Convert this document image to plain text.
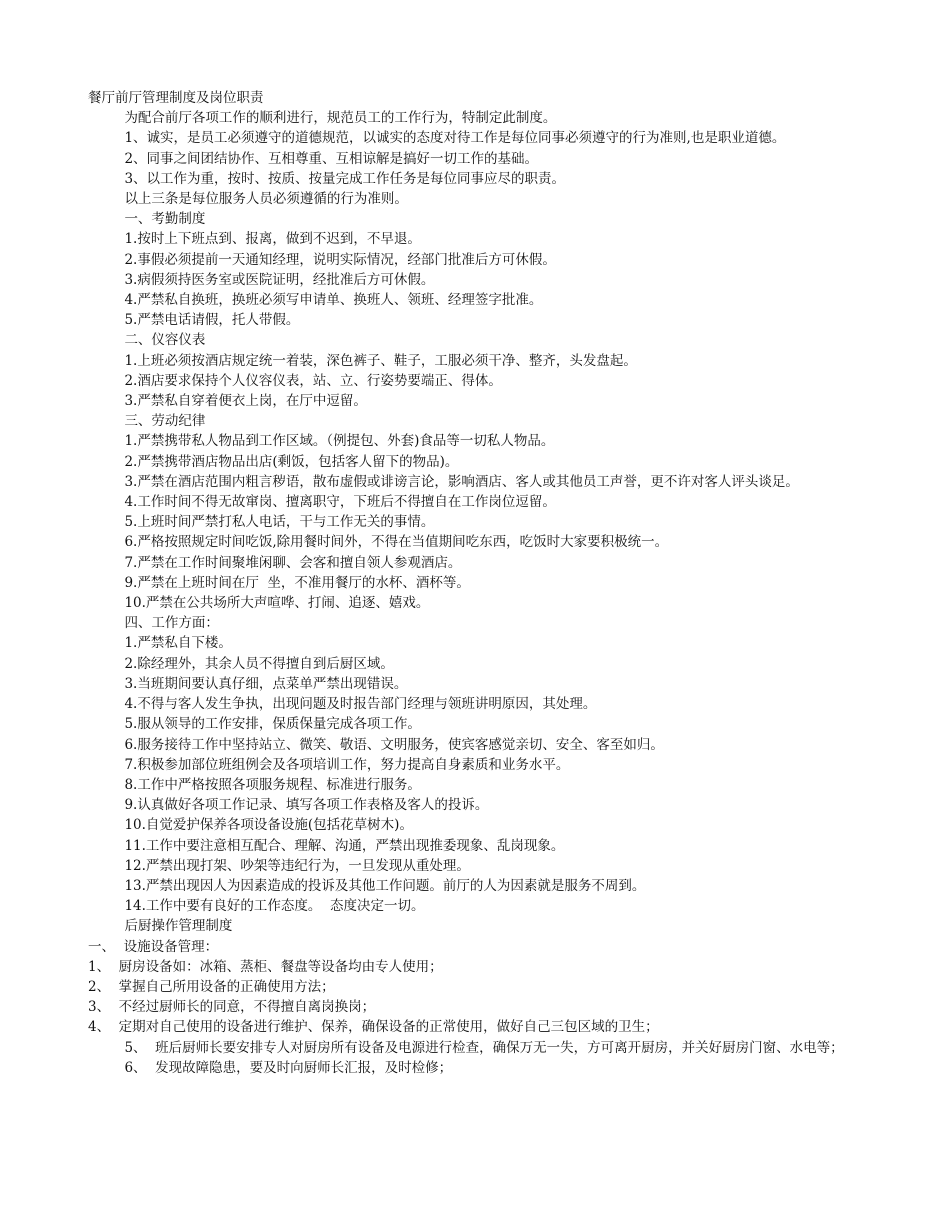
餐厅前厅管理制度及岗位职责

为配合前厅各项工作的顺利进行，规范员工的工作行为，特制定此制度。

1、诚实，是员工必须遵守的道德规范，以诚实的态度对待工作是每位同事必须遵守的行为准则,也是职业道德。

2、同事之间团结协作、互相尊重、互相谅解是搞好一切工作的基础。

3、以工作为重，按时、按质、按量完成工作任务是每位同事应尽的职责。

以上三条是每位服务人员必须遵循的行为准则。

一、考勤制度

1.按时上下班点到、报离，做到不迟到，不早退。

2.事假必须提前一天通知经理，说明实际情况，经部门批准后方可休假。

3.病假须持医务室或医院证明，经批准后方可休假。

4.严禁私自换班，换班必须写申请单、换班人、领班、经理签字批准。

5.严禁电话请假，托人带假。

二、仪容仪表

1.上班必须按酒店规定统一着装，深色裤子、鞋子，工服必须干净、整齐，头发盘起。

2.酒店要求保持个人仪容仪表，站、立、行姿势要端正、得体。

3.严禁私自穿着便衣上岗，在厅中逗留。

三、劳动纪律

1.严禁携带私人物品到工作区域。（例提包、外套)食品等一切私人物品。

2.严禁携带酒店物品出店(剩饭，包括客人留下的物品)。

3.严禁在酒店范围内粗言秽语，散布虚假或诽谤言论，影响酒店、客人或其他员工声誉，更不许对客人评头谈足。

4.工作时间不得无故窜岗、擅离职守，下班后不得擅自在工作岗位逗留。

5.上班时间严禁打私人电话，干与工作无关的事情。

6.严格按照规定时间吃饭,除用餐时间外，不得在当值期间吃东西，吃饭时大家要积极统一。

7.严禁在工作时间聚堆闲聊、会客和擅自领人参观酒店。

9.严禁在上班时间在厅  坐，不准用餐厅的水杯、酒杯等。

10.严禁在公共场所大声喧哗、打闹、追逐、嬉戏。

四、工作方面：

1.严禁私自下楼。

2.除经理外，其余人员不得擅自到后厨区域。

3.当班期间要认真仔细，点菜单严禁出现错误。

4.不得与客人发生争执，出现问题及时报告部门经理与领班讲明原因，其处理。

5.服从领导的工作安排，保质保量完成各项工作。

6.服务接待工作中坚持站立、微笑、敬语、文明服务，使宾客感觉亲切、安全、客至如归。

7.积极参加部位班组例会及各项培训工作，努力提高自身素质和业务水平。

8.工作中严格按照各项服务规程、标准进行服务。

9.认真做好各项工作记录、填写各项工作表格及客人的投诉。

10.自觉爱护保养各项设备设施(包括花草树木)。

11.工作中要注意相互配合、理解、沟通，严禁出现推委现象、乱岗现象。

12.严禁出现打架、吵架等违纪行为，一旦发现从重处理。

13.严禁出现因人为因素造成的投诉及其他工作问题。前厅的人为因素就是服务不周到。

14.工作中要有良好的工作态度。  态度决定一切。

后厨操作管理制度

一、  设施设备管理：

1、  厨房设备如：冰箱、蒸柜、餐盘等设备均由专人使用；

2、  掌握自己所用设备的正确使用方法；

3、  不经过厨师长的同意，不得擅自离岗换岗；

4、  定期对自己使用的设备进行维护、保养，确保设备的正常使用，做好自己三包区域的卫生；

5、  班后厨师长要安排专人对厨房所有设备及电源进行检查，确保万无一失，方可离开厨房，并关好厨房门窗、水电等；

6、  发现故障隐患，要及时向厨师长汇报，及时检修；
